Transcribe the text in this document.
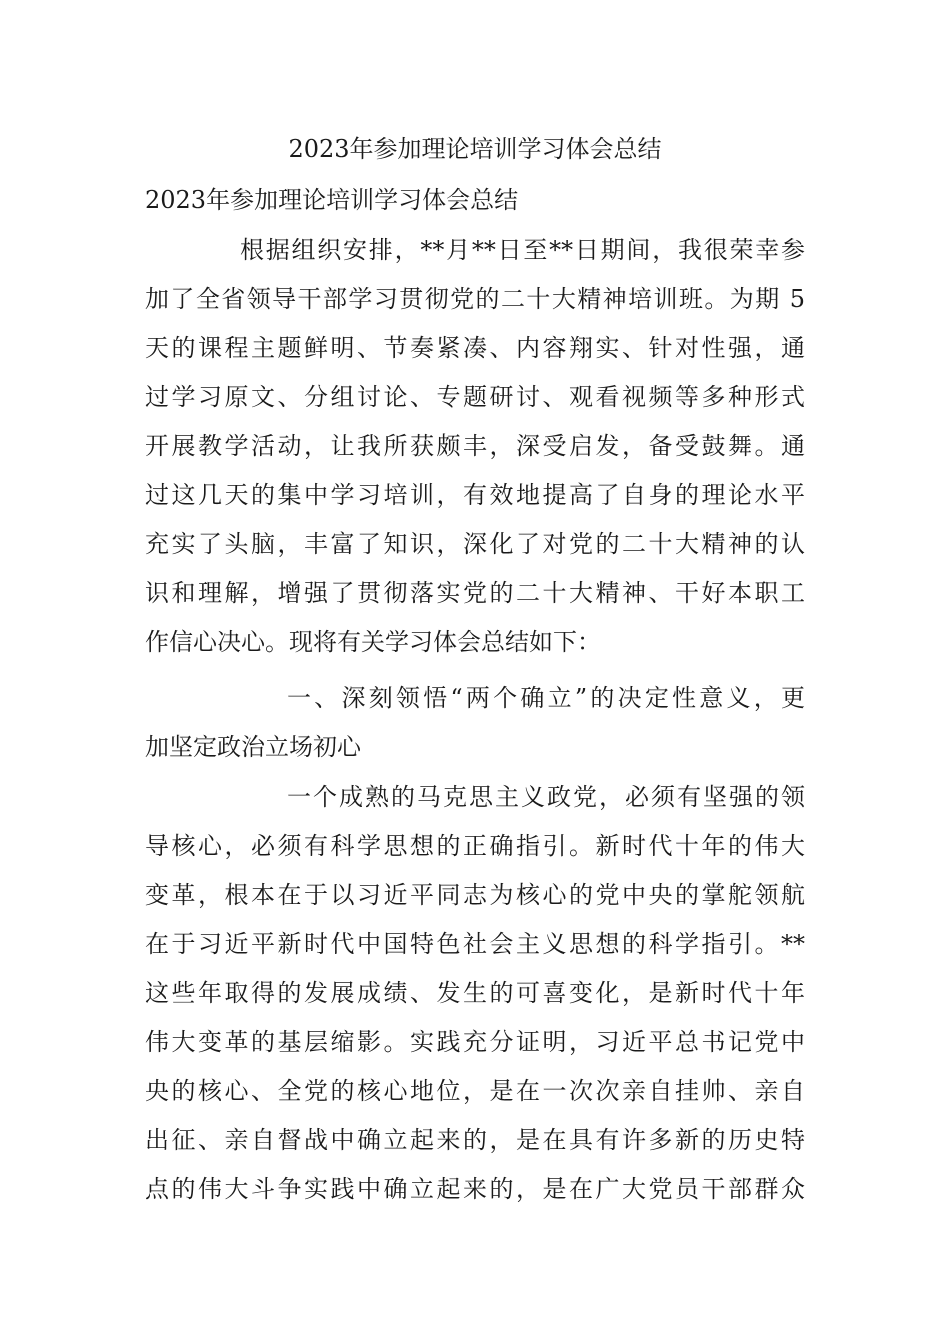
2023年参加理论培训学习体会总结
2023年参加理论培训学习体会总结
根据组织安排，**月**日至**日期间，我很荣幸参
加了全省领导干部学习贯彻党的二十大精神培训班。为期 5
天的课程主题鲜明、节奏紧凑、内容翔实、针对性强，通
过学习原文、分组讨论、专题研讨、观看视频等多种形式
开展教学活动，让我所获颇丰，深受启发，备受鼓舞。通
过这几天的集中学习培训，有效地提高了自身的理论水平
充实了头脑，丰富了知识，深化了对党的二十大精神的认
识和理解，增强了贯彻落实党的二十大精神、干好本职工
作信心决心。现将有关学习体会总结如下：
一、深刻领悟“两个确立”的决定性意义，更
加坚定政治立场初心
一个成熟的马克思主义政党，必须有坚强的领
导核心，必须有科学思想的正确指引。新时代十年的伟大
变革，根本在于以习近平同志为核心的党中央的掌舵领航
在于习近平新时代中国特色社会主义思想的科学指引。**
这些年取得的发展成绩、发生的可喜变化，是新时代十年
伟大变革的基层缩影。实践充分证明，习近平总书记党中
央的核心、全党的核心地位，是在一次次亲自挂帅、亲自
出征、亲自督战中确立起来的，是在具有许多新的历史特
点的伟大斗争实践中确立起来的，是在广大党员干部群众
